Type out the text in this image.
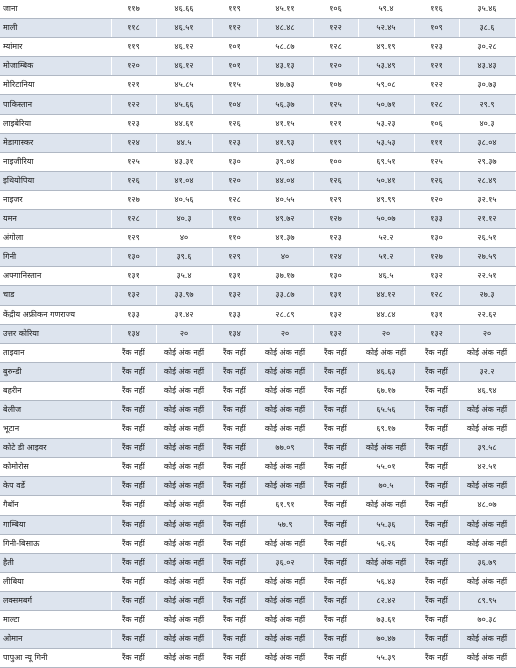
जाना	११७	४६.६६	११९	४५.११	१०६	५९.४	११६	३५.४६
माली	११८	४६.५१	११२	४८.४८	१२२	५२.४५	१०९	३८.६
म्यांमार	११९	४६.१२	१०१	५८.८७	१२८	४९.१९	१२३	३०.२८
मोजाम्बिक	१२०	४६.१२	१०१	४३.१३	१२०	५३.४९	१२१	४३.४३
मोरिटानिया	१२१	४५.८५	११५	४७.७३	१०७	५९.०८	१२२	३०.७३
पाकिस्तान	१२२	४५.६६	१०४	५६.३७	१२५	५०.७१	१२८	२९.९
लाइबेरिया	१२३	४४.६१	१२६	४१.१५	१२१	५३.२३	१०६	४०.३
मेडागास्कर	१२४	४४.५	१२३	४१.९३	११९	५३.५३	१११	३८.०४
नाइजीरिया	१२५	४३.३१	१३०	३९.०४	१००	६९.५१	१२५	२९.३७
इथियोपिया	१२६	४१.०४	१२०	४४.०४	१२६	५०.४१	१२६	२८.४९
नाइजर	१२७	४०.५६	१२८	४०.५५	१२९	४९.९९	१२०	३२.१५
यमन	१२८	४०.३	११०	४९.७२	१२७	५०.०७	१३३	२१.१२
अंगोला	१२९	४०	११०	४१.३७	१२३	५२.२	१३०	२६.५१
गिनी	१३०	३९.६	१२९	४०	१२४	५१.२	१२७	२७.५९
अफ्गानिस्तान	१३१	३५.४	१३१	३७.१७	१३०	४६.५	१३२	२२.५१
चाड	१३२	३३.९७	१३२	३३.८७	१३१	४४.१२	१२८	२७.३
केंद्रीय अफ्रीकन गणराज्य	१३३	३१.४२	१३३	२८.८९	१३२	४४.८४	१३१	२२.६२
उत्तर कोरिया	१३४	२०	१३४	२०	१३२	२०	१३२	२०
ताइवान	रैंक नहीं	कोई अंक नहीं	रैंक नहीं	कोई अंक नहीं	रैंक नहीं	कोई अंक नहीं	रैंक नहीं	कोई अंक नहीं
बुरुन्डी	रैंक नहीं	कोई अंक नहीं	रैंक नहीं	कोई अंक नहीं	रैंक नहीं	४६.६३	रैंक नहीं	३२.२
बहरीन	रैंक नहीं	कोई अंक नहीं	रैंक नहीं	कोई अंक नहीं	रैंक नहीं	६७.१७	रैंक नहीं	४६.९४
बेलीज	रैंक नहीं	कोई अंक नहीं	रैंक नहीं	कोई अंक नहीं	रैंक नहीं	६५.५६	रैंक नहीं	कोई अंक नहीं
भूटान	रैंक नहीं	कोई अंक नहीं	रैंक नहीं	कोई अंक नहीं	रैंक नहीं	६९.१७	रैंक नहीं	कोई अंक नहीं
कोटे डी आइवर	रैंक नहीं	कोई अंक नहीं	रैंक नहीं	७७.०९	रैंक नहीं	कोई अंक नहीं	रैंक नहीं	३९.५८
कोमोरोस	रैंक नहीं	कोई अंक नहीं	रैंक नहीं	कोई अंक नहीं	रैंक नहीं	५५.०१	रैंक नहीं	४२.५१
केप वर्डे	रैंक नहीं	कोई अंक नहीं	रैंक नहीं	कोई अंक नहीं	रैंक नहीं	७०.५	रैंक नहीं	कोई अंक नहीं
गैबॉन	रैंक नहीं	कोई अंक नहीं	रैंक नहीं	६१.९१	रैंक नहीं	कोई अंक नहीं	रैंक नहीं	४८.०७
गाम्बिया	रैंक नहीं	कोई अंक नहीं	रैंक नहीं	५७.९	रैंक नहीं	५५.३६	रैंक नहीं	कोई अंक नहीं
गिनी-बिसाऊ	रैंक नहीं	कोई अंक नहीं	रैंक नहीं	कोई अंक नहीं	रैंक नहीं	५६.२६	रैंक नहीं	कोई अंक नहीं
हैती	रैंक नहीं	कोई अंक नहीं	रैंक नहीं	३६.०२	रैंक नहीं	कोई अंक नहीं	रैंक नहीं	३६.७९
लीबिया	रैंक नहीं	कोई अंक नहीं	रैंक नहीं	कोई अंक नहीं	रैंक नहीं	५६.४३	रैंक नहीं	कोई अंक नहीं
लक्समबर्ग	रैंक नहीं	कोई अंक नहीं	रैंक नहीं	कोई अंक नहीं	रैंक नहीं	८२.४२	रैंक नहीं	८९.९५
माल्टा	रैंक नहीं	कोई अंक नहीं	रैंक नहीं	कोई अंक नहीं	रैंक नहीं	७३.६१	रैंक नहीं	७०.३८
ओमान	रैंक नहीं	कोई अंक नहीं	रैंक नहीं	कोई अंक नहीं	रैंक नहीं	७०.४७	रैंक नहीं	कोई अंक नहीं
पापुआ न्यू गिनी	रैंक नहीं	कोई अंक नहीं	रैंक नहीं	कोई अंक नहीं	रैंक नहीं	५५.३९	रैंक नहीं	कोई अंक नहीं
